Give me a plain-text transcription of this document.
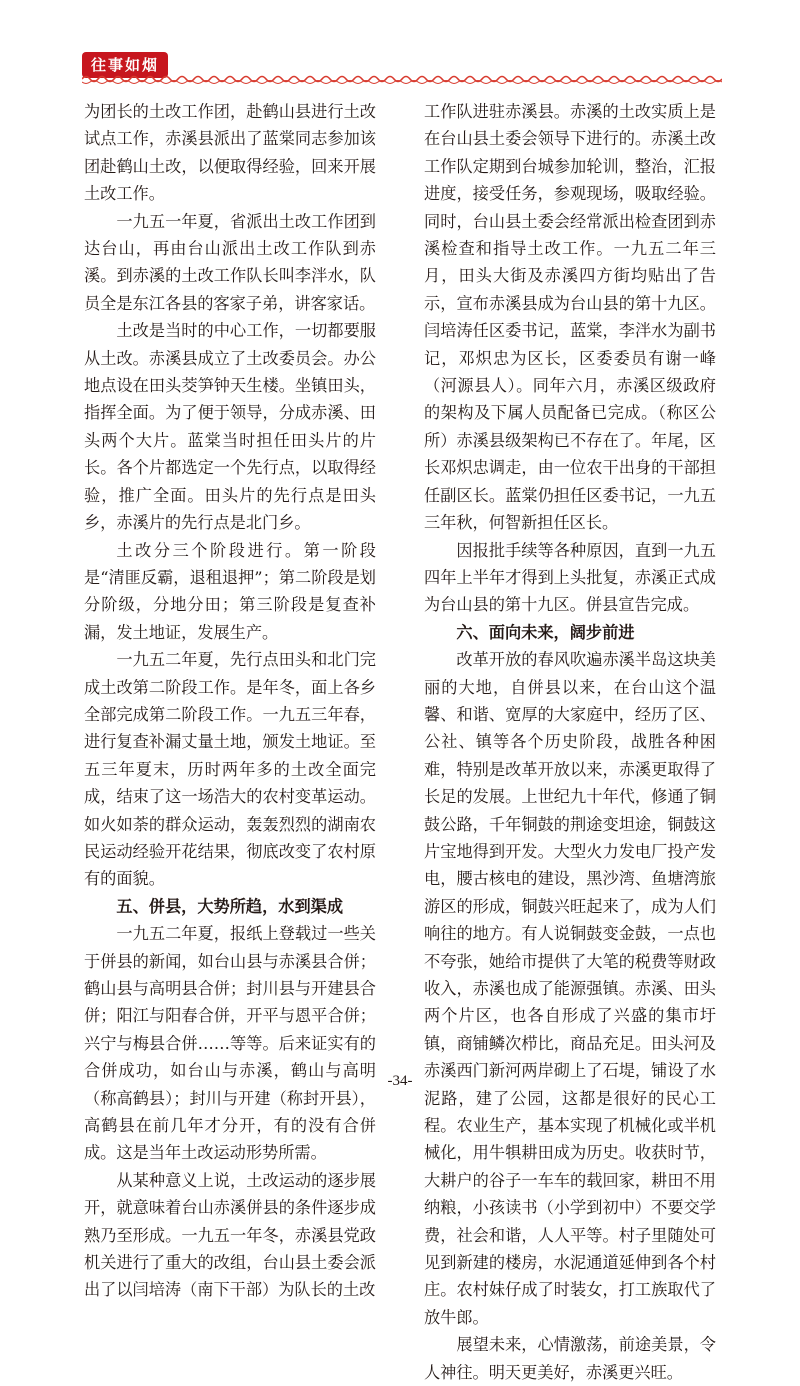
往事如烟

为团长的土改工作团，赴鹤山县进行土改试点工作，赤溪县派出了蓝棠同志参加该团赴鹤山土改，以便取得经验，回来开展土改工作。

一九五一年夏，省派出土改工作团到达台山，再由台山派出土改工作队到赤溪。到赤溪的土改工作队长叫李泮水，队员全是东江各县的客家子弟，讲客家话。

土改是当时的中心工作，一切都要服从土改。赤溪县成立了土改委员会。办公地点设在田头茭笋钟天生楼。坐镇田头，指挥全面。为了便于领导，分成赤溪、田头两个大片。蓝棠当时担任田头片的片长。各个片都选定一个先行点，以取得经验，推广全面。田头片的先行点是田头乡，赤溪片的先行点是北门乡。

土改分三个阶段进行。第一阶段是“清匪反霸，退租退押”；第二阶段是划分阶级，分地分田；第三阶段是复查补漏，发土地证，发展生产。

一九五二年夏，先行点田头和北门完成土改第二阶段工作。是年冬，面上各乡全部完成第二阶段工作。一九五三年春，进行复查补漏丈量土地，颁发土地证。至五三年夏末，历时两年多的土改全面完成，结束了这一场浩大的农村变革运动。如火如荼的群众运动，轰轰烈烈的湖南农民运动经验开花结果，彻底改变了农村原有的面貌。

五、併县，大势所趋，水到渠成

一九五二年夏，报纸上登载过一些关于併县的新闻，如台山县与赤溪县合併；鹤山县与高明县合併；封川县与开建县合併；阳江与阳春合併，开平与恩平合併；兴宁与梅县合併……等等。后来证实有的合併成功，如台山与赤溪，鹤山与高明（称高鹤县）；封川与开建（称封开县），高鹤县在前几年才分开，有的没有合併成。这是当年土改运动形势所需。

从某种意义上说，土改运动的逐步展开，就意味着台山赤溪併县的条件逐步成熟乃至形成。一九五一年冬，赤溪县党政机关进行了重大的改组，台山县土委会派出了以闫培涛（南下干部）为队长的土改

工作队进驻赤溪县。赤溪的土改实质上是在台山县土委会领导下进行的。赤溪土改工作队定期到台城参加轮训，整治，汇报进度，接受任务，参观现场，吸取经验。同时，台山县土委会经常派出检查团到赤溪检查和指导土改工作。一九五二年三月，田头大街及赤溪四方街均贴出了告示，宣布赤溪县成为台山县的第十九区。闫培涛任区委书记，蓝棠，李泮水为副书记，邓炽忠为区长，区委委员有谢一峰（河源县人）。同年六月，赤溪区级政府的架构及下属人员配备已完成。（称区公所）赤溪县级架构已不存在了。年尾，区长邓炽忠调走，由一位农干出身的干部担任副区长。蓝棠仍担任区委书记，一九五三年秋，何智新担任区长。

因报批手续等各种原因，直到一九五四年上半年才得到上头批复，赤溪正式成为台山县的第十九区。併县宣告完成。

六、面向未来，阔步前进

改革开放的春风吹遍赤溪半岛这块美丽的大地，自併县以来，在台山这个温馨、和谐、宽厚的大家庭中，经历了区、公社、镇等各个历史阶段，战胜各种困难，特别是改革开放以来，赤溪更取得了长足的发展。上世纪九十年代，修通了铜鼓公路，千年铜鼓的荆途变坦途，铜鼓这片宝地得到开发。大型火力发电厂投产发电，腰古核电的建设，黑沙湾、鱼塘湾旅游区的形成，铜鼓兴旺起来了，成为人们响往的地方。有人说铜鼓变金鼓，一点也不夸张，她给市提供了大笔的税费等财政收入，赤溪也成了能源强镇。赤溪、田头两个片区，也各自形成了兴盛的集市圩镇，商铺鳞次栉比，商品充足。田头河及赤溪西门新河两岸砌上了石堤，铺设了水泥路，建了公园，这都是很好的民心工程。农业生产，基本实现了机械化或半机械化，用牛犋耕田成为历史。收获时节，大耕户的谷子一车车的载回家，耕田不用纳粮，小孩读书（小学到初中）不要交学费，社会和谐，人人平等。村子里随处可见到新建的楼房，水泥通道延伸到各个村庄。农村妹仔成了时装女，打工族取代了放牛郎。

展望未来，心情激荡，前途美景，令人神往。明天更美好，赤溪更兴旺。

-34-
